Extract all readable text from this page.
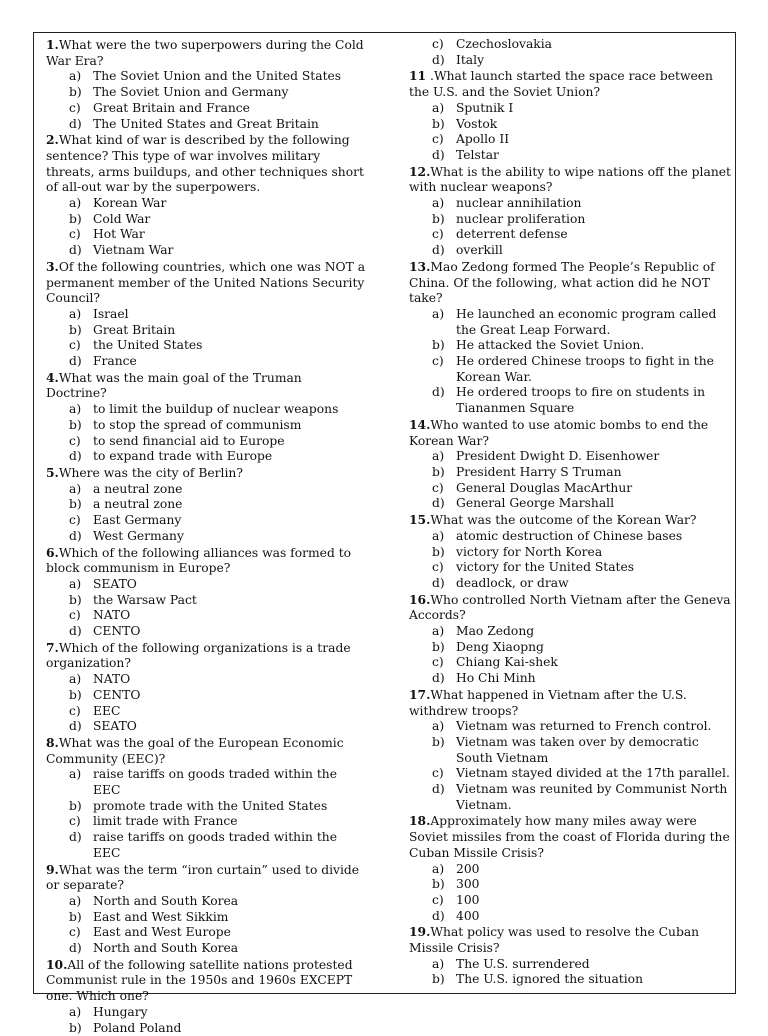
1.What were the two superpowers during the Cold War Era?

a) The Soviet Union and the United States
b) The Soviet Union and Germany
c)	Great Britain and France
d) The United States and Great Britain

2.What kind of war is described by the following sentence? This type of war involves military threats, arms buildups, and other techniques short of all-out war by the superpowers.

a) Korean War
b) Cold War
c)	Hot War
d) Vietnam War

3.Of the following countries, which one was NOT a permanent member of the United Nations Security Council?

a) Israel
b) Great Britain
c)	the United States
d) France

4.What was the main goal of the Truman Doctrine?

a) to limit the buildup of nuclear weapons
b) to stop the spread of communism
c)	to send financial aid to Europe
d) to expand trade with Europe

5.Where was the city of Berlin?

a) a neutral zone
b) a neutral zone
c)	East Germany
d) West Germany

6.Which of the following alliances was formed to block communism in Europe?

a) SEATO
b) the Warsaw Pact
c)	NATO
d) CENTO

7.Which of the following organizations is a trade organization?

a) NATO
b) CENTO
c)	EEC
d) SEATO

8.What was the goal of the European Economic Community (EEC)?

a) raise tariffs on goods traded within the EEC
b) promote trade with the United States
c)	limit trade with France
d) raise tariffs on goods traded within the EEC

9.What was the term “iron curtain” used to divide or separate?

a) North and South Korea
b) East and West Sikkim
c)	East and West Europe
d) North and South Korea

10.All of the following satellite nations protested Communist rule in the 1950s and 1960s EXCEPT one. Which one?

a) Hungary
b) Poland Poland
c)	Czechoslovakia
d) Italy

11 .What launch started the space race between the U.S. and the Soviet Union?

a) Sputnik I
b) Vostok
c)	Apollo II
d) Telstar

12.What is the ability to wipe nations off the planet with nuclear weapons?

a) nuclear annihilation
b) nuclear proliferation
c)	deterrent defense
d) overkill

13.Mao Zedong formed The People’s Republic of China. Of the following, what action did he NOT take?

a) He launched an economic program called the Great Leap Forward.
b) He attacked the Soviet Union.
c)	He ordered Chinese troops to fight in the Korean War.
d) He ordered troops to fire on students in Tiananmen Square

14.Who wanted to use atomic bombs to end the Korean War?

a) President Dwight D. Eisenhower
b) President Harry S Truman
c)	General Douglas MacArthur
d) General George Marshall

15.What was the outcome of the Korean War?

a) atomic destruction of Chinese bases
b) victory for North Korea
c)	victory for the United States
d) deadlock, or draw

16.Who controlled North Vietnam after the Geneva Accords?

a) Mao Zedong
b) Deng Xiaopng
c)	Chiang Kai-shek
d) Ho Chi Minh

17.What happened in Vietnam after the U.S. withdrew troops?

a) Vietnam was returned to French control.
b) Vietnam was taken over by democratic South Vietnam
c)	Vietnam stayed divided at the 17th parallel.
d) Vietnam was reunited by Communist North Vietnam.

18.Approximately how many miles away were Soviet missiles from the coast of Florida during the Cuban Missile Crisis?

a) 200
b) 300
c)	100
d) 400

19.What policy was used to resolve the Cuban Missile Crisis?

a) The U.S. surrendered
b) The U.S. ignored the situation
